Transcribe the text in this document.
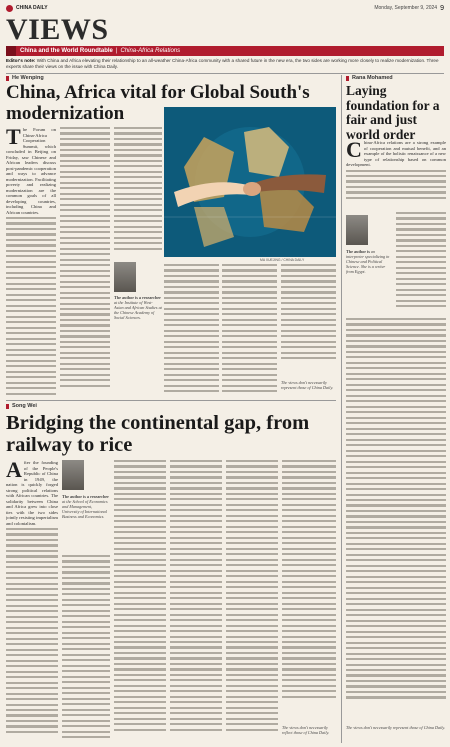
CHINA DAILY	Monday, September 9, 2024 9
VIEWS
China and the World Roundtable | China-Africa Relations
Editor's note: With China and Africa elevating their relationship to an all-weather China-Africa community with a shared future in the new era, the two sides are working more closely to realize modernization. Three experts share their views on the issue with China Daily.
He Wenping
China, Africa vital for Global South's modernization
T he Forum on China-Africa Cooperation Summit, which concluded in Beijing on Friday, saw Chinese and African leaders discuss post-pandemic cooperation and ways to advance modernization. Facilitating poverty and realizing modernization are the common goals of all developing countries, including China and African countries.
The author is a researcher at the Institute of West-Asian and African Studies at the Chinese Academy of Social Sciences.
MA XUEJING / CHINA DAILY
The views don't necessarily represent those of China Daily.
Song Wei
Bridging the continental gap, from railway to rice
A fter the founding of the People's Republic of China in 1949, the nation is quickly forged strong political relations with African countries. The solidarity between China and Africa grew into close ties with the two sides jointly resisting imperialism and colonialism.
The author is a researcher at the School of Economics and Management, University of International Business and Economics.
The views don't necessarily reflect those of China Daily.
Rana Mohamed
Laying foundation for a fair and just world order
C hina-Africa relations are a strong example of cooperation and mutual benefit, and an example of the holistic renaissance of a new type of relationship based on common development.
The author is an interpreter specializing in Chinese and Political Science. She is a writer from Egypt.
The views don't necessarily represent those of China Daily.
